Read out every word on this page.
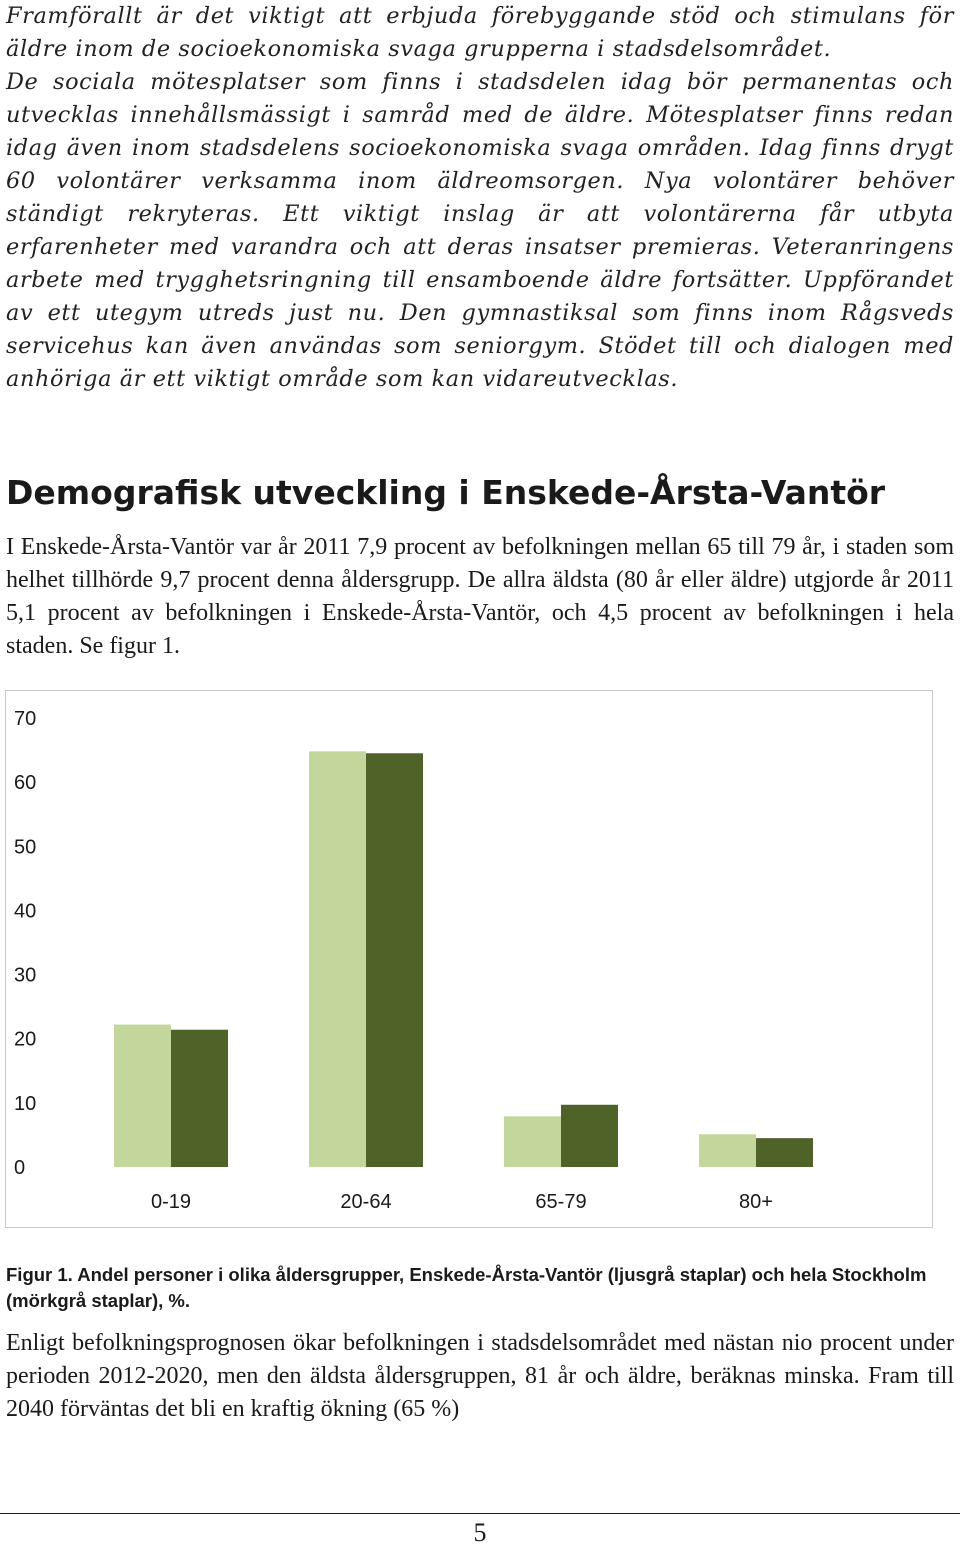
Framförallt är det viktigt att erbjuda förebyggande stöd och stimulans för äldre inom de socioekonomiska svaga grupperna i stadsdelsområdet.

De sociala mötesplatser som finns i stadsdelen idag bör permanentas och utvecklas innehållsmässigt i samråd med de äldre. Mötesplatser finns redan idag även inom stadsdelens socioekonomiska svaga områden. Idag finns drygt 60 volontärer verksamma inom äldreomsorgen. Nya volontärer behöver ständigt rekryteras. Ett viktigt inslag är att volontärerna får utbyta erfarenheter med varandra och att deras insatser premieras. Veteranringens arbete med trygghetsringning till ensamboende äldre fortsätter. Uppförandet av ett utegym utreds just nu. Den gymnastiksal som finns inom Rågsveds servicehus kan även användas som seniorgym. Stödet till och dialogen med anhöriga är ett viktigt område som kan vidareutvecklas.

Demografisk utveckling i Enskede-Årsta-Vantör

I Enskede-Årsta-Vantör var år 2011 7,9 procent av befolkningen mellan 65 till 79 år, i staden som helhet tillhörde 9,7 procent denna åldersgrupp. De allra äldsta (80 år eller äldre) utgjorde år 2011 5,1 procent av befolkningen i Enskede-Årsta-Vantör, och 4,5 procent av befolkningen i hela staden. Se figur 1.

0
10
20
30
40
50
60
70
0-19	20-64	65-79	80+

Figur 1. Andel personer i olika åldersgrupper, Enskede-Årsta-Vantör (ljusgrå staplar) och hela Stockholm (mörkgrå staplar), %.

Enligt befolkningsprognosen ökar befolkningen i stadsdelsområdet med nästan nio procent under perioden 2012-2020, men den äldsta åldersgruppen, 81 år och äldre, beräknas minska. Fram till 2040 förväntas det bli en kraftig ökning (65 %)

5
